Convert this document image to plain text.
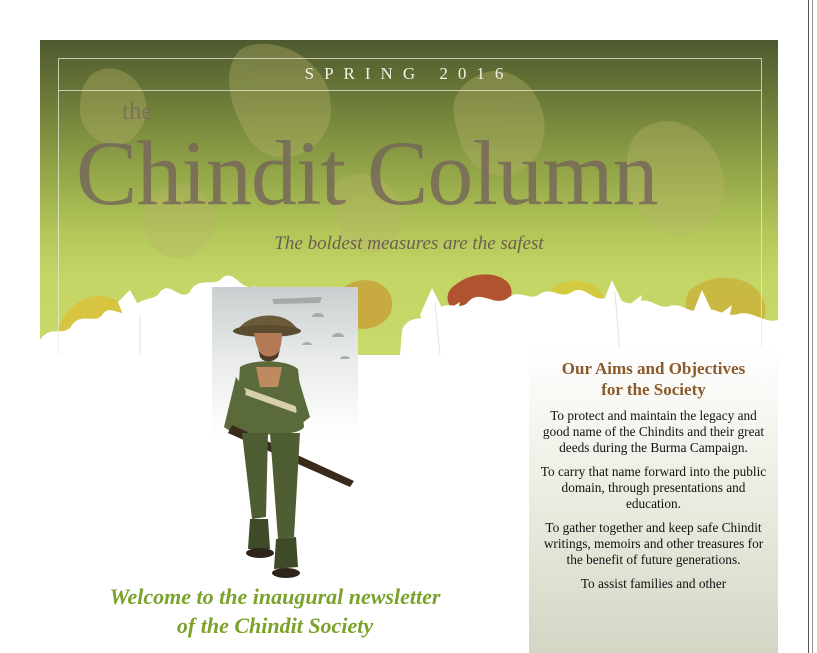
SPRING 2016
the
Chindit Column
The boldest measures are the safest
Our Aims and Objectives
for the Society

To protect and maintain the legacy and good name of the Chindits and their great deeds during the Burma Campaign.

To carry that name forward into the public domain, through presentations and education.

To gather together and keep safe Chindit writings, memoirs and other treasures for the benefit of future generations.

To assist families and other

Welcome to the inaugural newsletter
of the Chindit Society
